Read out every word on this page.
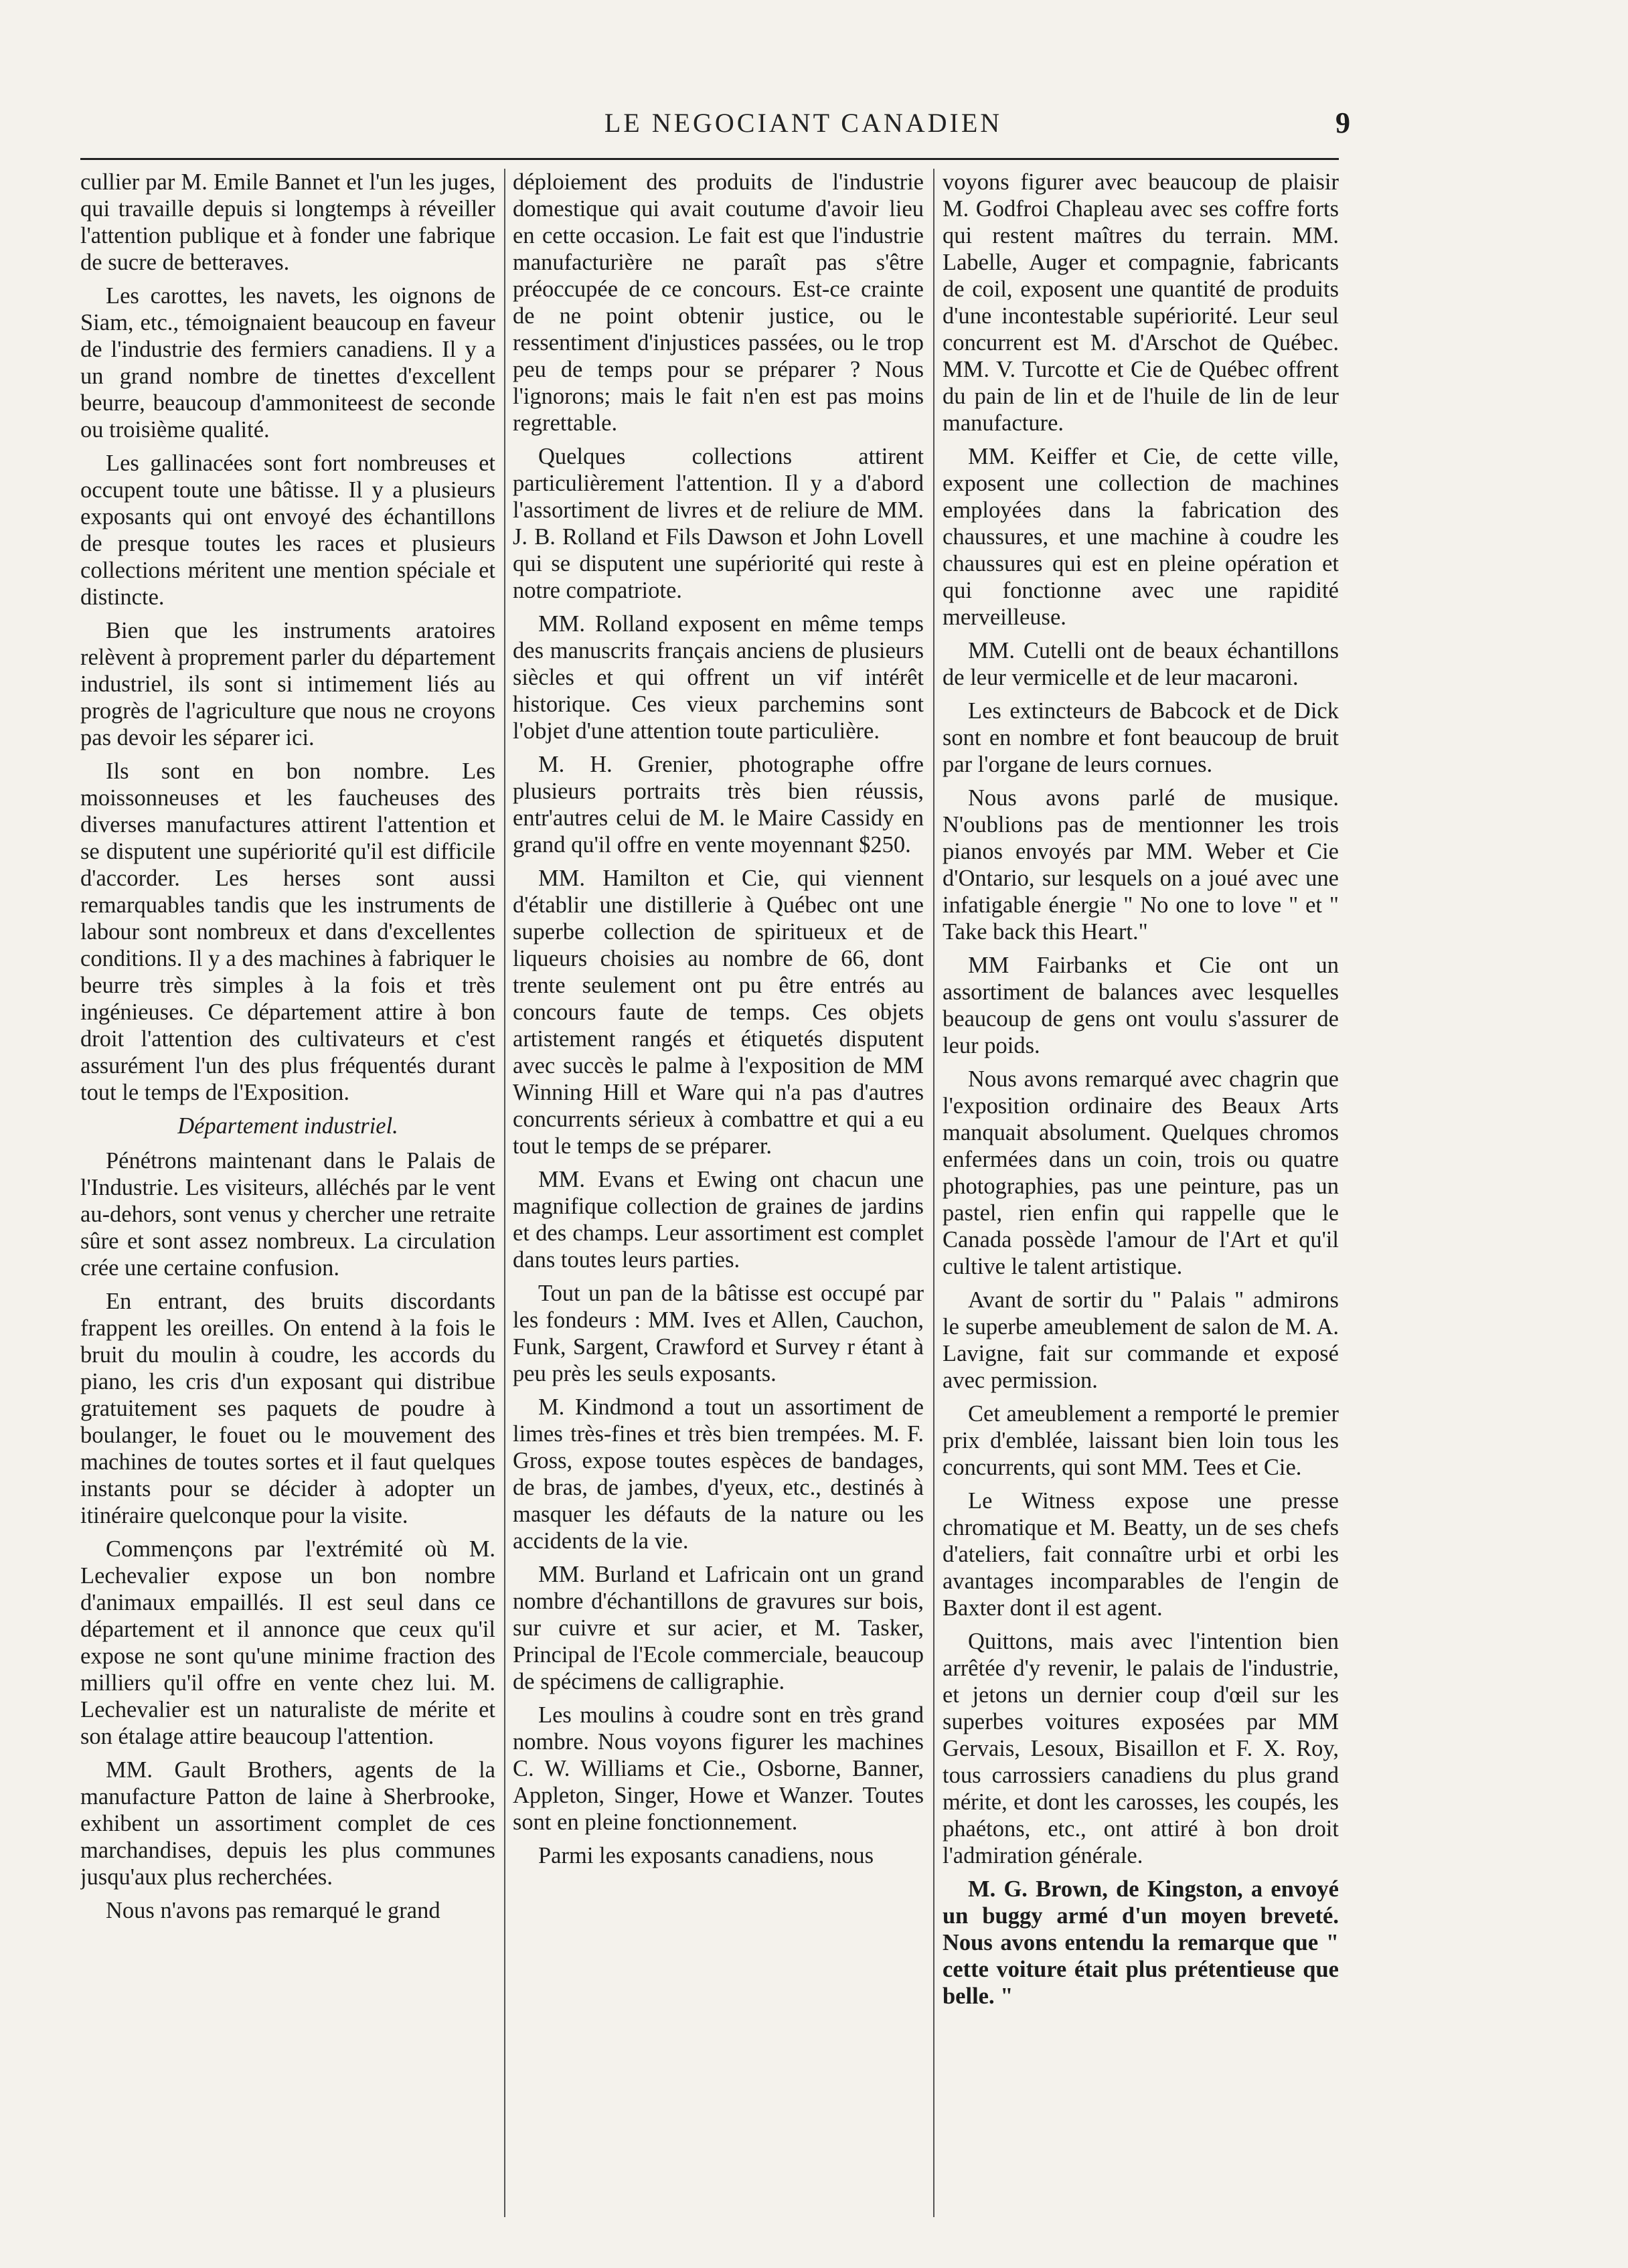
LE NEGOCIANT CANADIEN	9

cullier par M. Emile Bannet et l'un les juges, qui travaille depuis si longtemps à réveiller l'attention publique et à fonder une fabrique de sucre de betteraves.

Les carottes, les navets, les oignons de Siam, etc., témoignaient beaucoup en faveur de l'industrie des fermiers canadiens. Il y a un grand nombre de tinettes d'excellent beurre, beaucoup d'ammoniteest de seconde ou troisième qualité.

Les gallinacées sont fort nombreuses et occupent toute une bâtisse. Il y a plusieurs exposants qui ont envoyé des échantillons de presque toutes les races et plusieurs collections méritent une mention spéciale et distincte.

Bien que les instruments aratoires relèvent à proprement parler du département industriel, ils sont si intimement liés au progrès de l'agriculture que nous ne croyons pas devoir les séparer ici.

Ils sont en bon nombre. Les moissonneuses et les faucheuses des diverses manufactures attirent l'attention et se disputent une supériorité qu'il est difficile d'accorder. Les herses sont aussi remarquables tandis que les instruments de labour sont nombreux et dans d'excellentes conditions. Il y a des machines à fabriquer le beurre très simples à la fois et très ingénieuses. Ce département attire à bon droit l'attention des cultivateurs et c'est assurément l'un des plus fréquentés durant tout le temps de l'Exposition.

Département industriel.

Pénétrons maintenant dans le Palais de l'Industrie. Les visiteurs, alléchés par le vent au-dehors, sont venus y chercher une retraite sûre et sont assez nombreux. La circulation crée une certaine confusion.

En entrant, des bruits discordants frappent les oreilles. On entend à la fois le bruit du moulin à coudre, les accords du piano, les cris d'un exposant qui distribue gratuitement ses paquets de poudre à boulanger, le fouet ou le mouvement des machines de toutes sortes et il faut quelques instants pour se décider à adopter un itinéraire quelconque pour la visite.

Commençons par l'extrémité où M. Lechevalier expose un bon nombre d'animaux empaillés. Il est seul dans ce département et il annonce que ceux qu'il expose ne sont qu'une minime fraction des milliers qu'il offre en vente chez lui. M. Lechevalier est un naturaliste de mérite et son étalage attire beaucoup l'attention.

MM. Gault Brothers, agents de la manufacture Patton de laine à Sherbrooke, exhibent un assortiment complet de ces marchandises, depuis les plus communes jusqu'aux plus recherchées.

Nous n'avons pas remarqué le grand

déploiement des produits de l'industrie domestique qui avait coutume d'avoir lieu en cette occasion. Le fait est que l'industrie manufacturière ne paraît pas s'être préoccupée de ce concours. Est-ce crainte de ne point obtenir justice, ou le ressentiment d'injustices passées, ou le trop peu de temps pour se préparer ? Nous l'ignorons; mais le fait n'en est pas moins regrettable.

Quelques collections attirent particulièrement l'attention. Il y a d'abord l'assortiment de livres et de reliure de MM. J. B. Rolland et Fils Dawson et John Lovell qui se disputent une supériorité qui reste à notre compatriote.

MM. Rolland exposent en même temps des manuscrits français anciens de plusieurs siècles et qui offrent un vif intérêt historique. Ces vieux parchemins sont l'objet d'une attention toute particulière.

M. H. Grenier, photographe offre plusieurs portraits très bien réussis, entr'autres celui de M. le Maire Cassidy en grand qu'il offre en vente moyennant $250.

MM. Hamilton et Cie, qui viennent d'établir une distillerie à Québec ont une superbe collection de spiritueux et de liqueurs choisies au nombre de 66, dont trente seulement ont pu être entrés au concours faute de temps. Ces objets artistement rangés et étiquetés disputent avec succès le palme à l'exposition de MM Winning Hill et Ware qui n'a pas d'autres concurrents sérieux à combattre et qui a eu tout le temps de se préparer.

MM. Evans et Ewing ont chacun une magnifique collection de graines de jardins et des champs. Leur assortiment est complet dans toutes leurs parties.

Tout un pan de la bâtisse est occupé par les fondeurs : MM. Ives et Allen, Cauchon, Funk, Sargent, Crawford et Survey r étant à peu près les seuls exposants.

M. Kindmond a tout un assortiment de limes très-fines et très bien trempées. M. F. Gross, expose toutes espèces de bandages, de bras, de jambes, d'yeux, etc., destinés à masquer les défauts de la nature ou les accidents de la vie.

MM. Burland et Lafricain ont un grand nombre d'échantillons de gravures sur bois, sur cuivre et sur acier, et M. Tasker, Principal de l'Ecole commerciale, beaucoup de spécimens de calligraphie.

Les moulins à coudre sont en très grand nombre. Nous voyons figurer les machines C. W. Williams et Cie., Osborne, Banner, Appleton, Singer, Howe et Wanzer. Toutes sont en pleine fonctionnement.

Parmi les exposants canadiens, nous

voyons figurer avec beaucoup de plaisir M. Godfroi Chapleau avec ses coffre forts qui restent maîtres du terrain. MM. Labelle, Auger et compagnie, fabricants de coil, exposent une quantité de produits d'une incontestable supériorité. Leur seul concurrent est M. d'Arschot de Québec. MM. V. Turcotte et Cie de Québec offrent du pain de lin et de l'huile de lin de leur manufacture.

MM. Keiffer et Cie, de cette ville, exposent une collection de machines employées dans la fabrication des chaussures, et une machine à coudre les chaussures qui est en pleine opération et qui fonctionne avec une rapidité merveilleuse.

MM. Cutelli ont de beaux échantillons de leur vermicelle et de leur macaroni.

Les extincteurs de Babcock et de Dick sont en nombre et font beaucoup de bruit par l'organe de leurs cornues.

Nous avons parlé de musique. N'oublions pas de mentionner les trois pianos envoyés par MM. Weber et Cie d'Ontario, sur lesquels on a joué avec une infatigable énergie " No one to love " et " Take back this Heart."

MM Fairbanks et Cie ont un assortiment de balances avec lesquelles beaucoup de gens ont voulu s'assurer de leur poids.

Nous avons remarqué avec chagrin que l'exposition ordinaire des Beaux Arts manquait absolument. Quelques chromos enfermées dans un coin, trois ou quatre photographies, pas une peinture, pas un pastel, rien enfin qui rappelle que le Canada possède l'amour de l'Art et qu'il cultive le talent artistique.

Avant de sortir du " Palais " admirons le superbe ameublement de salon de M. A. Lavigne, fait sur commande et exposé avec permission.

Cet ameublement a remporté le premier prix d'emblée, laissant bien loin tous les concurrents, qui sont MM. Tees et Cie.

Le Witness expose une presse chromatique et M. Beatty, un de ses chefs d'ateliers, fait connaître urbi et orbi les avantages incomparables de l'engin de Baxter dont il est agent.

Quittons, mais avec l'intention bien arrêtée d'y revenir, le palais de l'industrie, et jetons un dernier coup d'œil sur les superbes voitures exposées par MM Gervais, Lesoux, Bisaillon et F. X. Roy, tous carrossiers canadiens du plus grand mérite, et dont les carosses, les coupés, les phaétons, etc., ont attiré à bon droit l'admiration générale.

M. G. Brown, de Kingston, a envoyé un buggy armé d'un moyen breveté. Nous avons entendu la remarque que " cette voiture était plus prétentieuse que belle. "
